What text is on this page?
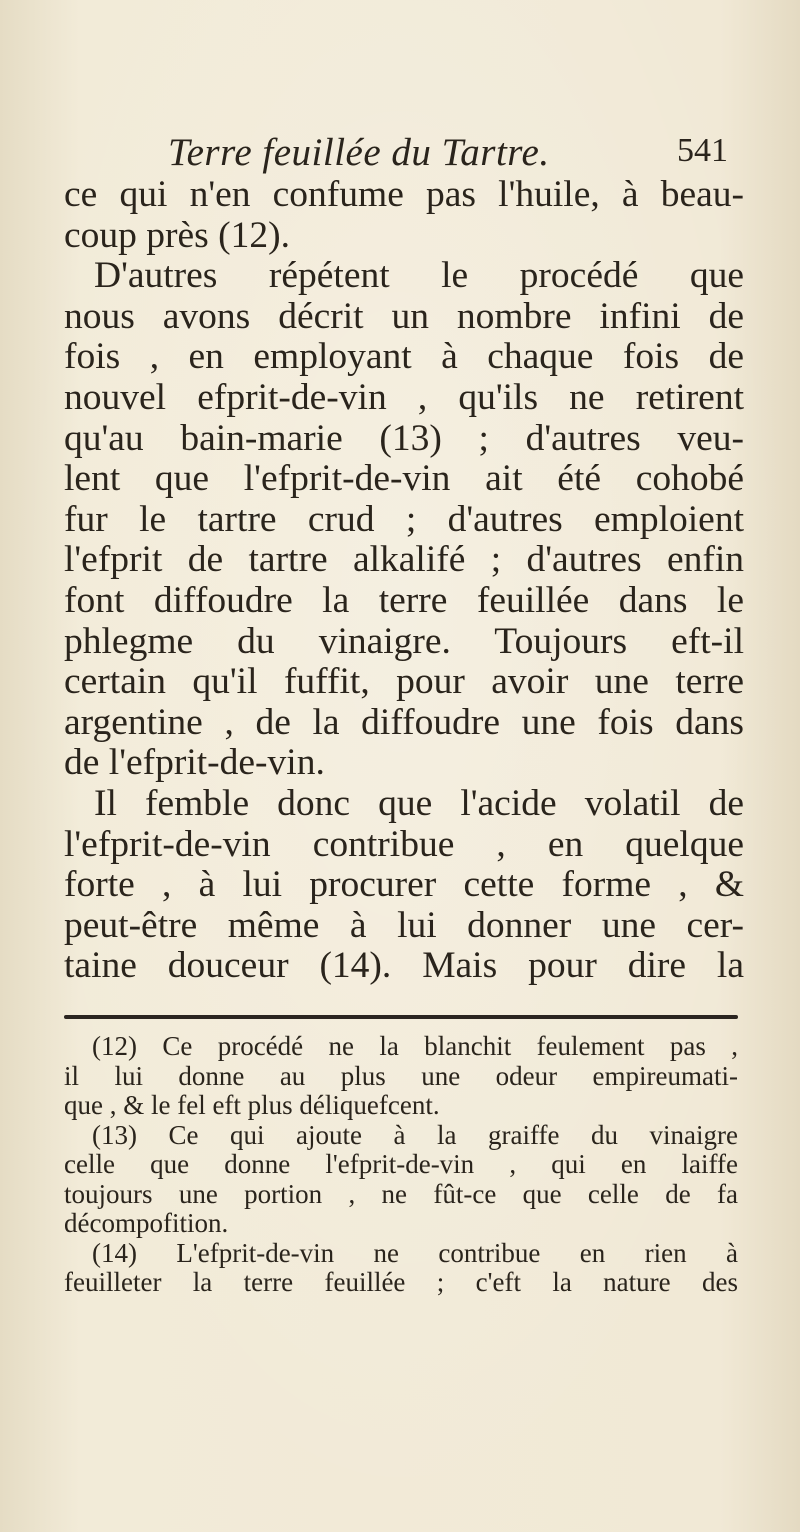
Terre feuillée du Tartre.	541
ce qui n'en confume pas l'huile, à beau-
coup près (12).
D'autres répétent le procédé que
nous avons décrit un nombre infini de
fois , en employant à chaque fois de
nouvel efprit-de-vin , qu'ils ne retirent
qu'au bain-marie (13) ; d'autres veu-
lent que l'efprit-de-vin ait été cohobé
fur le tartre crud ; d'autres emploient
l'efprit de tartre alkalifé ; d'autres enfin
font diffoudre la terre feuillée dans le
phlegme du vinaigre. Toujours eft-il
certain qu'il fuffit, pour avoir une terre
argentine , de la diffoudre une fois dans
de l'efprit-de-vin.
Il femble donc que l'acide volatil de
l'efprit-de-vin contribue , en quelque
forte , à lui procurer cette forme , &
peut-être même à lui donner une cer-
taine douceur (14). Mais pour dire la
(12) Ce procédé ne la blanchit feulement pas ,
il lui donne au plus une odeur empireumati-
que , & le fel eft plus déliquefcent.
(13) Ce qui ajoute à la graiffe du vinaigre
celle que donne l'efprit-de-vin , qui en laiffe
toujours une portion , ne fût-ce que celle de fa
décompofition.
(14) L'efprit-de-vin ne contribue en rien à
feuilleter la terre feuillée ; c'eft la nature des
